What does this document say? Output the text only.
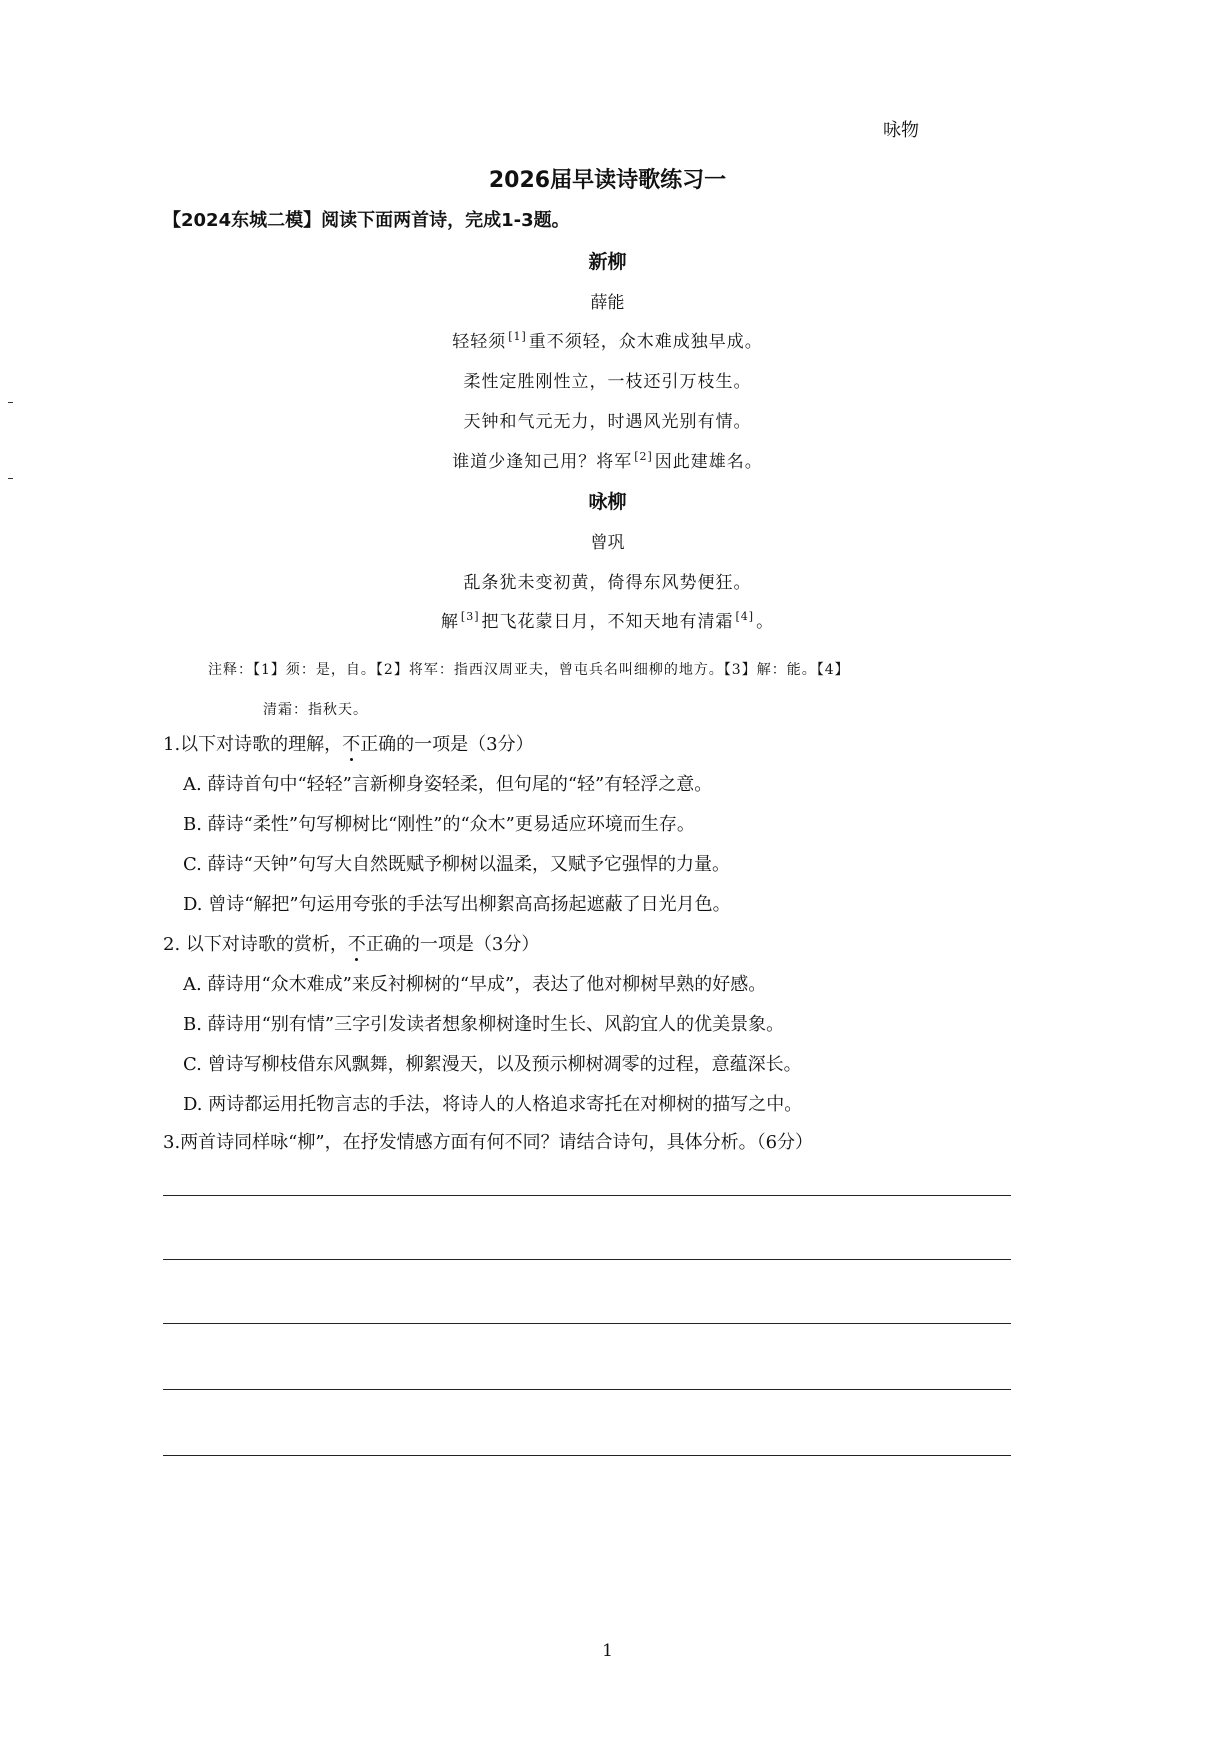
咏物
2026届早读诗歌练习一
【2024东城二模】阅读下面两首诗，完成1-3题。
新柳
薛能
轻轻须 [1] 重不须轻，众木难成独早成。
柔性定胜刚性立，一枝还引万枝生。
天钟和气元无力，时遇风光别有情。
谁道少逢知己用？将军 [2] 因此建雄名。
咏柳
曾巩
乱条犹未变初黄，倚得东风势便狂。
解 [3] 把飞花蒙日月，不知天地有清霜 [4] 。
注释：【1】须：是，自。【2】将军：指西汉周亚夫，曾屯兵名叫细柳的地方。【3】解：能。【4】
清霜：指秋天。
1.以下对诗歌的理解，不正确的一项是（3分）
A. 薛诗首句中“轻轻”言新柳身姿轻柔，但句尾的“轻”有轻浮之意。
B. 薛诗“柔性”句写柳树比“刚性”的“众木”更易适应环境而生存。
C. 薛诗“天钟”句写大自然既赋予柳树以温柔，又赋予它强悍的力量。
D. 曾诗“解把”句运用夸张的手法写出柳絮高高扬起遮蔽了日光月色。
2. 以下对诗歌的赏析，不正确的一项是（3分）
A. 薛诗用“众木难成”来反衬柳树的“早成”，表达了他对柳树早熟的好感。
B. 薛诗用“别有情”三字引发读者想象柳树逢时生长、风韵宜人的优美景象。
C. 曾诗写柳枝借东风飘舞，柳絮漫天，以及预示柳树凋零的过程，意蕴深长。
D. 两诗都运用托物言志的手法，将诗人的人格追求寄托在对柳树的描写之中。
3.两首诗同样咏“柳”，在抒发情感方面有何不同？请结合诗句，具体分析。（6分）
1
